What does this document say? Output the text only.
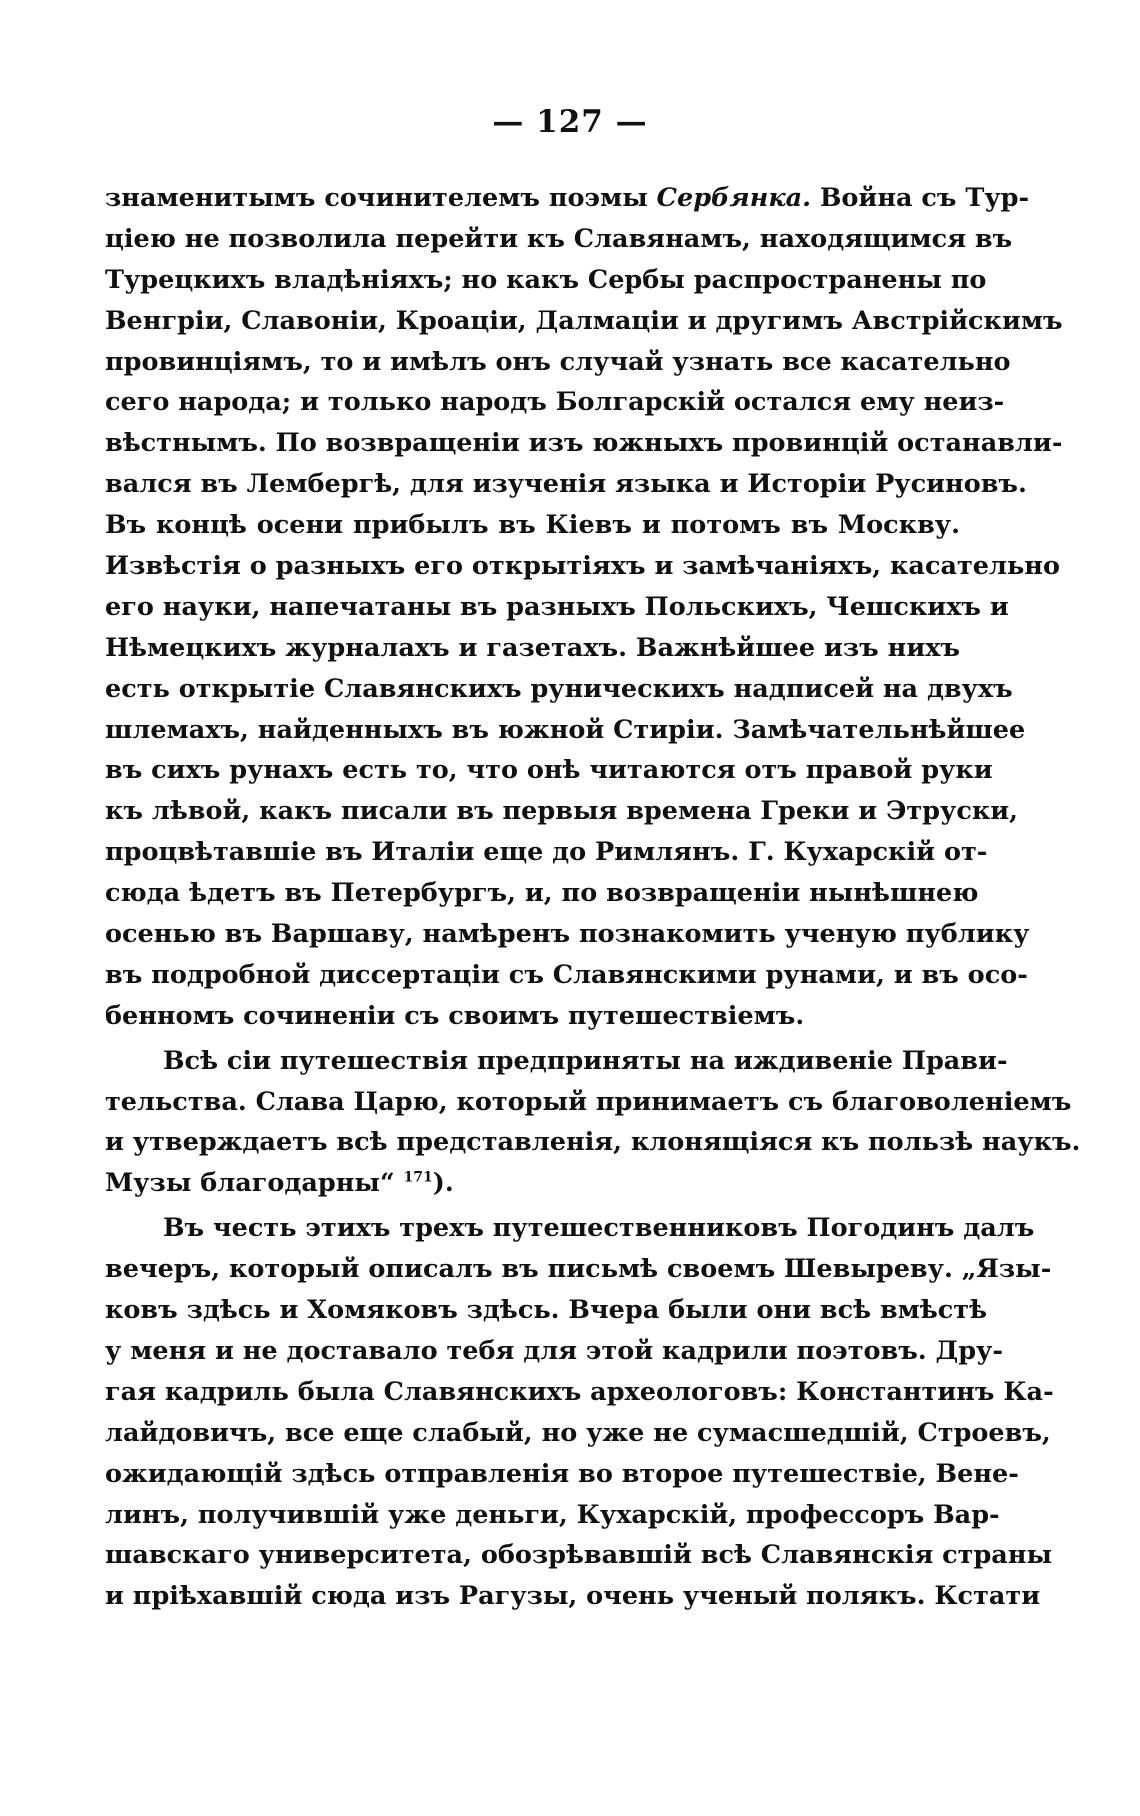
— 127 —
знаменитымъ сочинителемъ поэмы Сербянка. Война съ Тур-
цiею не позволила перейти къ Славянамъ, находящимся въ
Турецкихъ владѣнiяхъ; но какъ Сербы распространены по
Венгрiи, Славонiи, Кроацiи, Далмацiи и другимъ Австрiйскимъ
провинцiямъ, то и имѣлъ онъ случай узнать все касательно
сего народа; и только народъ Болгарскiй остался ему неиз-
вѣстнымъ. По возвращенiи изъ южныхъ провинцiй останавли-
вался въ Лембергѣ, для изученiя языка и Исторiи Русиновъ.
Въ концѣ осени прибылъ въ Кiевъ и потомъ въ Москву.
Извѣстiя о разныхъ его открытiяхъ и замѣчанiяхъ, касательно
его науки, напечатаны въ разныхъ Польскихъ, Чешскихъ и
Нѣмецкихъ журналахъ и газетахъ. Важнѣйшее изъ нихъ
есть открытiе Славянскихъ руническихъ надписей на двухъ
шлемахъ, найденныхъ въ южной Стирiи. Замѣчательнѣйшее
въ сихъ рунахъ есть то, что онѣ читаются отъ правой руки
къ лѣвой, какъ писали въ первыя времена Греки и Этруски,
процвѣтавшiе въ Италiи еще до Римлянъ. Г. Кухарскiй от-
сюда ѣдетъ въ Петербургъ, и, по возвращенiи нынѣшнею
осенью въ Варшаву, намѣренъ познакомить ученую публику
въ подробной диссертацiи съ Славянскими рунами, и въ осо-
бенномъ сочиненiи съ своимъ путешествiемъ.
Всѣ сiи путешествiя предприняты на иждивенiе Прави-
тельства. Слава Царю, который принимаетъ съ благоволенiемъ
и утверждаетъ всѣ представленiя, клонящiяся къ пользѣ наукъ.
Музы благодарны“ $^{171}$).
Въ честь этихъ трехъ путешественниковъ Погодинъ далъ
вечеръ, который описалъ въ письмѣ своемъ Шевыреву. „Язы-
ковъ здѣсь и Хомяковъ здѣсь. Вчера были они всѣ вмѣстѣ
у меня и не доставало тебя для этой кадрили поэтовъ. Дру-
гая кадриль была Славянскихъ археологовъ: Константинъ Ка-
лайдовичъ, все еще слабый, но уже не сумасшедшiй, Строевъ,
ожидающiй здѣсь отправленiя во второе путешествiе, Вене-
линъ, получившiй уже деньги, Кухарскiй, профессоръ Вар-
шавскаго университета, обозрѣвавшiй всѣ Славянскiя страны
и прiѣхавшiй сюда изъ Рагузы, очень ученый полякъ. Кстати
